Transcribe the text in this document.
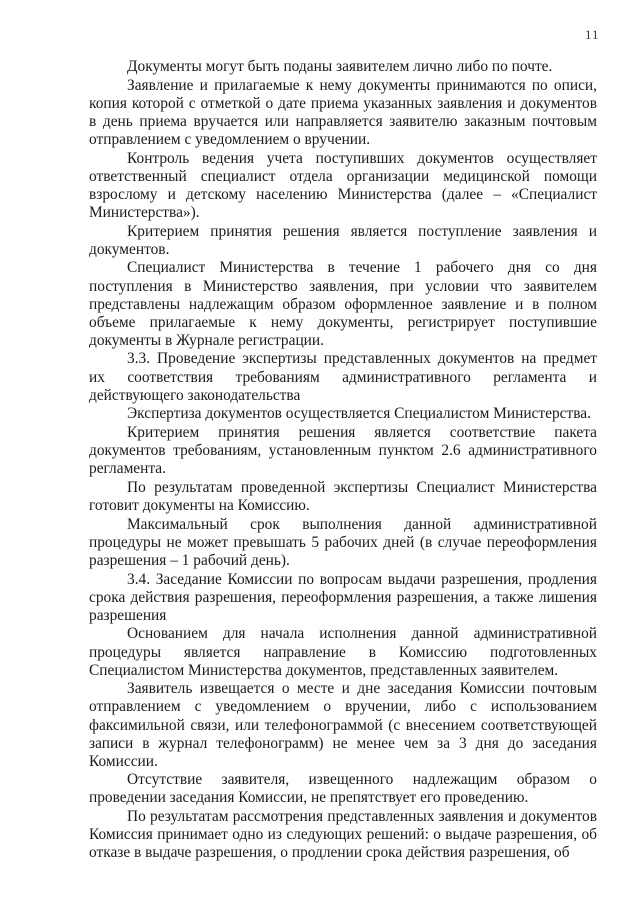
11

Документы могут быть поданы заявителем лично либо по почте.

Заявление и прилагаемые к нему документы принимаются по описи, копия которой с отметкой о дате приема указанных заявления и документов в день приема вручается или направляется заявителю заказным почтовым отправлением с уведомлением о вручении.

Контроль ведения учета поступивших документов осуществляет ответственный специалист отдела организации медицинской помощи взрослому и детскому населению Министерства (далее – «Специалист Министерства»).

Критерием принятия решения является поступление заявления и документов.

Специалист Министерства в течение 1 рабочего дня со дня поступления в Министерство заявления, при условии что заявителем представлены надлежащим образом оформленное заявление и в полном объеме прилагаемые к нему документы, регистрирует поступившие документы в Журнале регистрации.

3.3. Проведение экспертизы представленных документов на предмет их соответствия требованиям административного регламента и действующего законодательства

Экспертиза документов осуществляется Специалистом Министерства.

Критерием принятия решения является соответствие пакета документов требованиям, установленным пунктом 2.6 административного регламента.

По результатам проведенной экспертизы Специалист Министерства готовит документы на Комиссию.

Максимальный срок выполнения данной административной процедуры не может превышать 5 рабочих дней (в случае переоформления разрешения – 1 рабочий день).

3.4. Заседание Комиссии по вопросам выдачи разрешения, продления срока действия разрешения, переоформления разрешения, а также лишения разрешения

Основанием для начала исполнения данной административной процедуры является направление в Комиссию подготовленных Специалистом Министерства документов, представленных заявителем.

Заявитель извещается о месте и дне заседания Комиссии почтовым отправлением с уведомлением о вручении, либо с использованием факсимильной связи, или телефонограммой (с внесением соответствующей записи в журнал телефонограмм) не менее чем за 3 дня до заседания Комиссии.

Отсутствие заявителя, извещенного надлежащим образом о проведении заседания Комиссии, не препятствует его проведению.

По результатам рассмотрения представленных заявления и документов Комиссия принимает одно из следующих решений: о выдаче разрешения, об отказе в выдаче разрешения, о продлении срока действия разрешения, об
